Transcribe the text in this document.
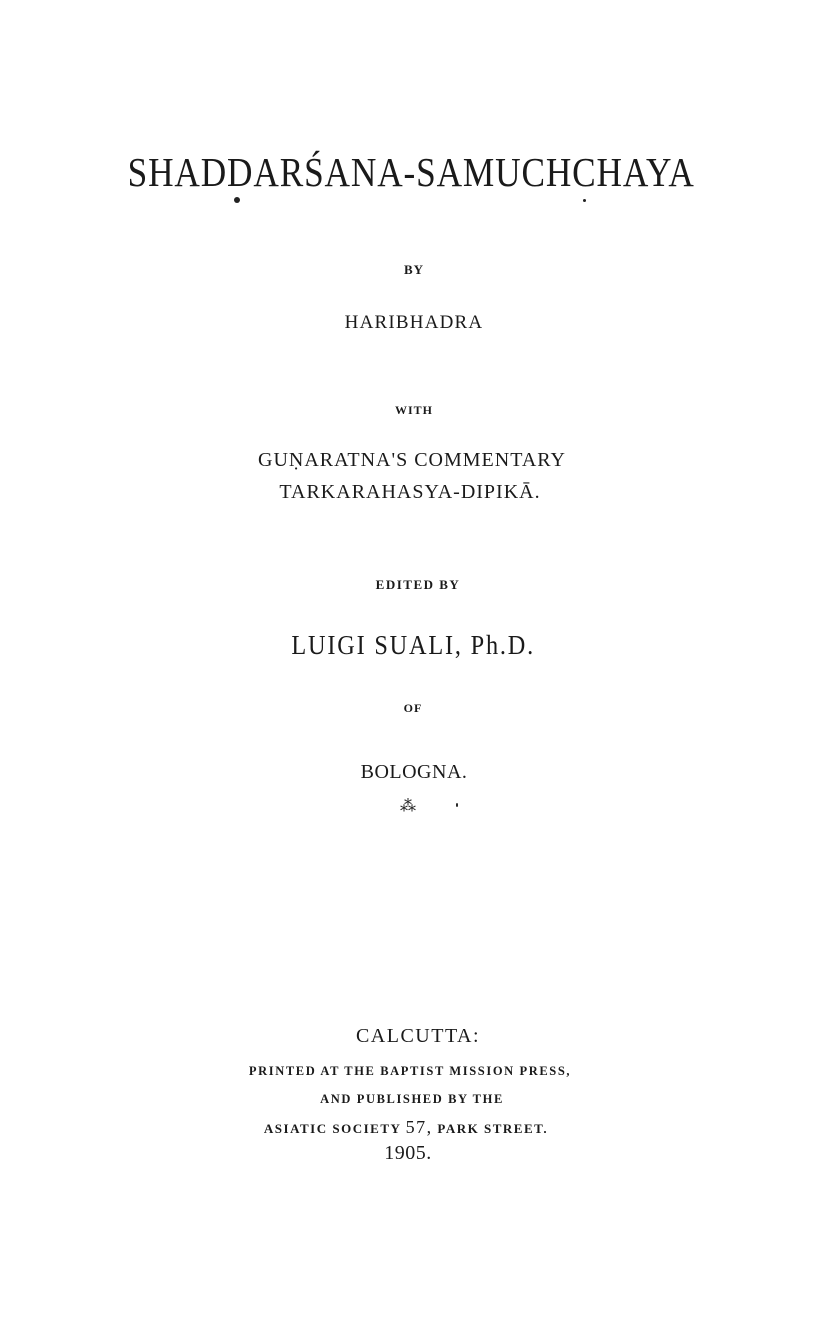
SHADDARŚANA-SAMUCHCHAYA
BY
HARIBHADRA
WITH
GUṆARATNA'S COMMENTARY
TARKARAHASYA-DIPIKĀ.
EDITED BY
LUIGI SUALI, Ph.D.
OF
BOLOGNA.
⁂
CALCUTTA:
PRINTED AT THE BAPTIST MISSION PRESS,
AND PUBLISHED BY THE
ASIATIC SOCIETY 57, PARK STREET.
1905.
